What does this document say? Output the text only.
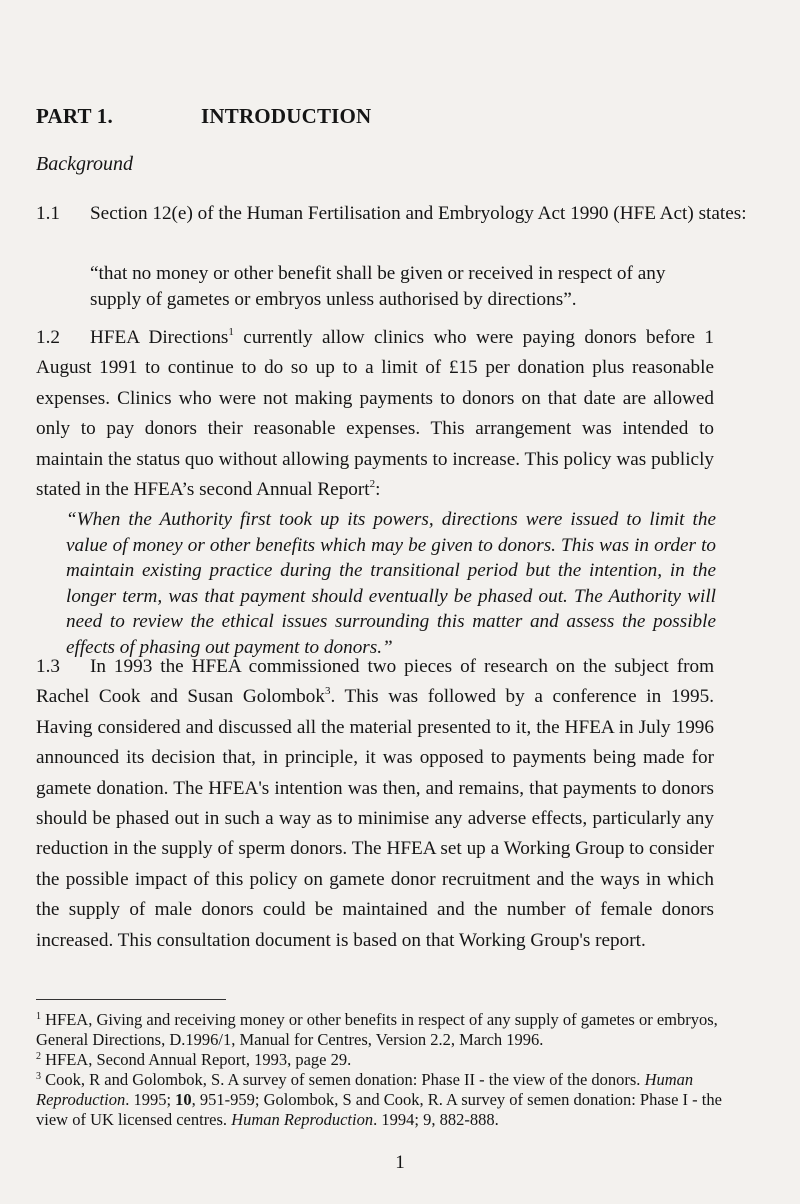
PART 1.	INTRODUCTION
Background
1.1 Section 12(e) of the Human Fertilisation and Embryology Act 1990 (HFE Act) states:
“that no money or other benefit shall be given or received in respect of any supply of gametes or embryos unless authorised by directions”.
1.2 HFEA Directions$^1$ currently allow clinics who were paying donors before 1 August 1991 to continue to do so up to a limit of £15 per donation plus reasonable expenses. Clinics who were not making payments to donors on that date are allowed only to pay donors their reasonable expenses. This arrangement was intended to maintain the status quo without allowing payments to increase. This policy was publicly stated in the HFEA’s second Annual Report$^2$:
“When the Authority first took up its powers, directions were issued to limit the value of money or other benefits which may be given to donors. This was in order to maintain existing practice during the transitional period but the intention, in the longer term, was that payment should eventually be phased out. The Authority will need to review the ethical issues surrounding this matter and assess the possible effects of phasing out payment to donors.”
1.3 In 1993 the HFEA commissioned two pieces of research on the subject from Rachel Cook and Susan Golombok$^3$. This was followed by a conference in 1995. Having considered and discussed all the material presented to it, the HFEA in July 1996 announced its decision that, in principle, it was opposed to payments being made for gamete donation. The HFEA's intention was then, and remains, that payments to donors should be phased out in such a way as to minimise any adverse effects, particularly any reduction in the supply of sperm donors. The HFEA set up a Working Group to consider the possible impact of this policy on gamete donor recruitment and the ways in which the supply of male donors could be maintained and the number of female donors increased. This consultation document is based on that Working Group's report.

$^1$ HFEA, Giving and receiving money or other benefits in respect of any supply of gametes or embryos, General Directions, D.1996/1, Manual for Centres, Version 2.2, March 1996.

$^2$ HFEA, Second Annual Report, 1993, page 29.

$^3$ Cook, R and Golombok, S. A survey of semen donation: Phase II - the view of the donors. Human Reproduction. 1995; 10, 951-959; Golombok, S and Cook, R. A survey of semen donation: Phase I - the view of UK licensed centres. Human Reproduction. 1994; 9, 882-888.

1
